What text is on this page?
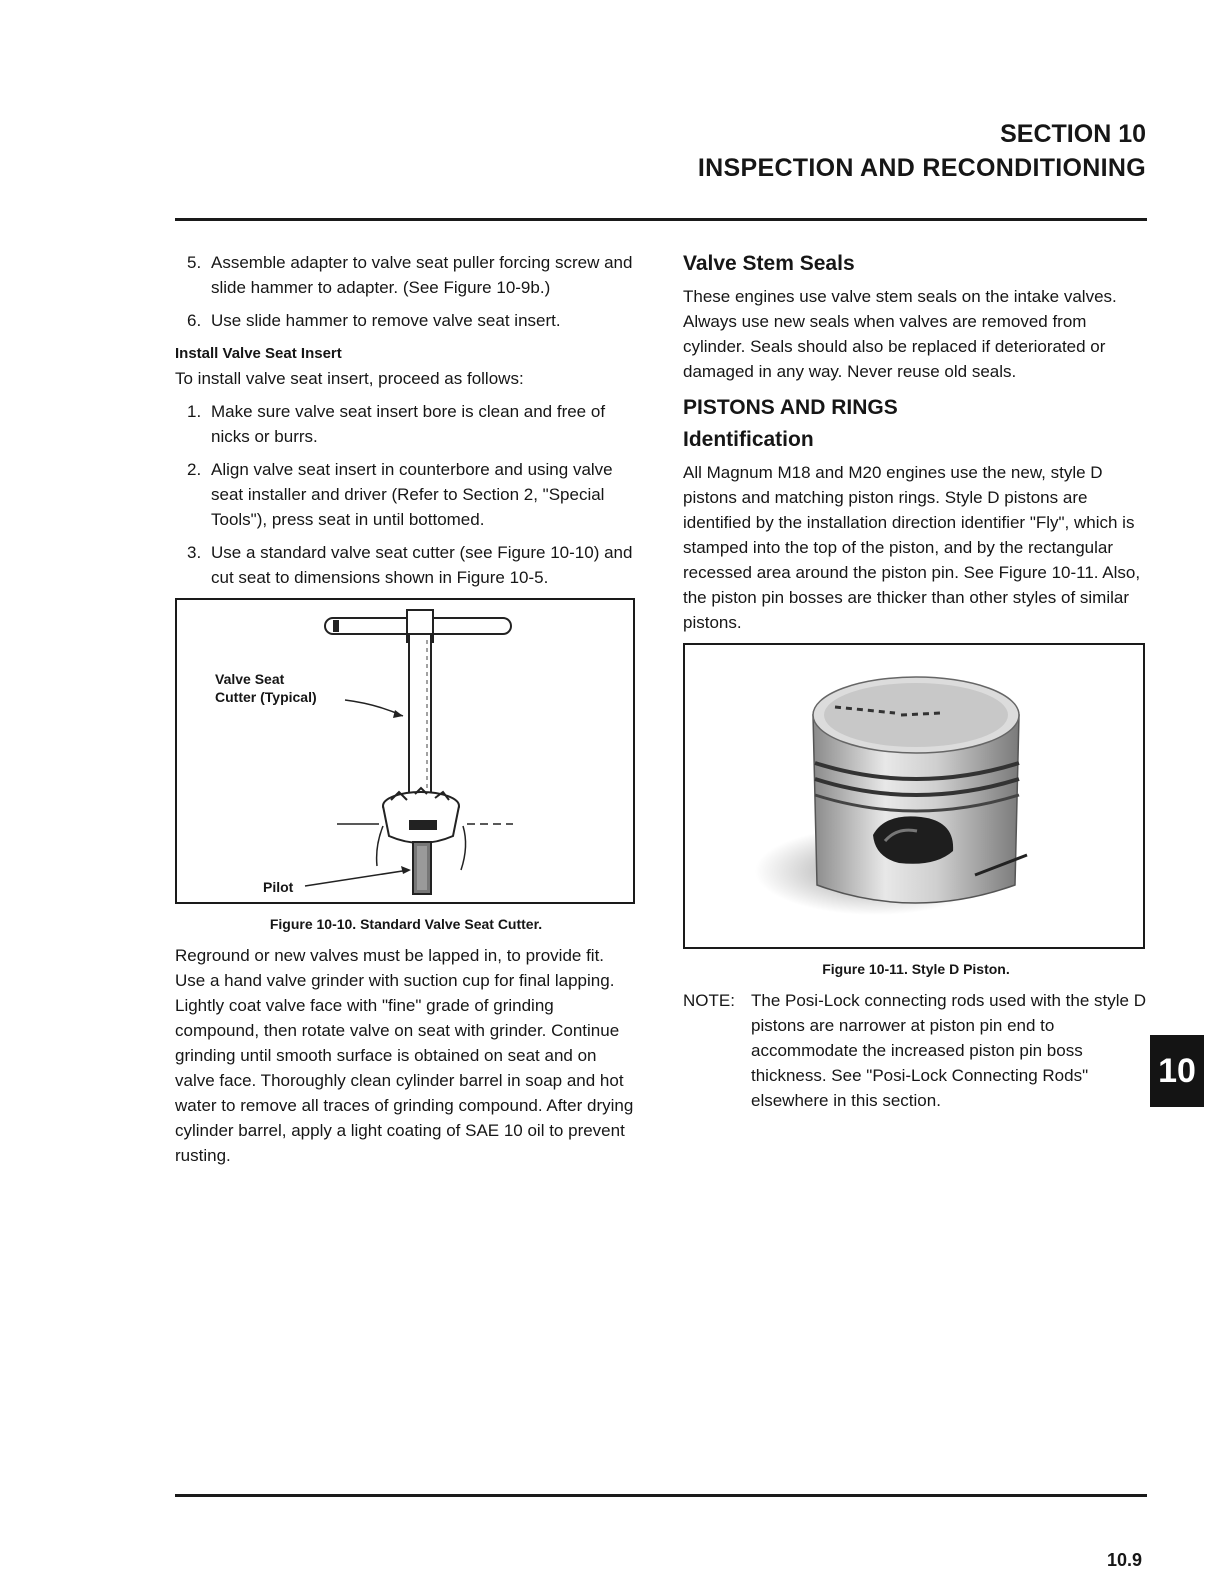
SECTION 10
INSPECTION AND RECONDITIONING
5. Assemble adapter to valve seat puller forcing screw and slide hammer to adapter. (See Figure 10-9b.)
6. Use slide hammer to remove valve seat insert.
Install Valve Seat Insert

To install valve seat insert, proceed as follows:

1. Make sure valve seat insert bore is clean and free of nicks or burrs.
2. Align valve seat insert in counterbore and using valve seat installer and driver (Refer to Section 2, "Special Tools"), press seat in until bottomed.
3. Use a standard valve seat cutter (see Figure 10-10) and cut seat to dimensions shown in Figure 10-5.
Valve Seat
Cutter (Typical)
Pilot
Figure 10-10. Standard Valve Seat Cutter.

Reground or new valves must be lapped in, to provide fit. Use a hand valve grinder with suction cup for final lapping. Lightly coat valve face with "fine" grade of grinding compound, then rotate valve on seat with grinder. Continue grinding until smooth surface is obtained on seat and on valve face. Thoroughly clean cylinder barrel in soap and hot water to remove all traces of grinding compound. After drying cylinder barrel, apply a light coating of SAE 10 oil to prevent rusting.

Valve Stem Seals

These engines use valve stem seals on the intake valves. Always use new seals when valves are removed from cylinder. Seals should also be replaced if deteriorated or damaged in any way. Never reuse old seals.

PISTONS AND RINGS
Identification

All Magnum M18 and M20 engines use the new, style D pistons and matching piston rings. Style D pistons are identified by the installation direction identifier "Fly", which is stamped into the top of the piston, and by the rectangular recessed area around the piston pin. See Figure 10-11. Also, the piston pin bosses are thicker than other styles of similar pistons.

Figure 10-11. Style D Piston.
NOTE: The Posi-Lock connecting rods used with the style D pistons are narrower at piston pin end to accommodate the increased piston pin boss thickness. See "Posi-Lock Connecting Rods" elsewhere in this section.
10
10.9
